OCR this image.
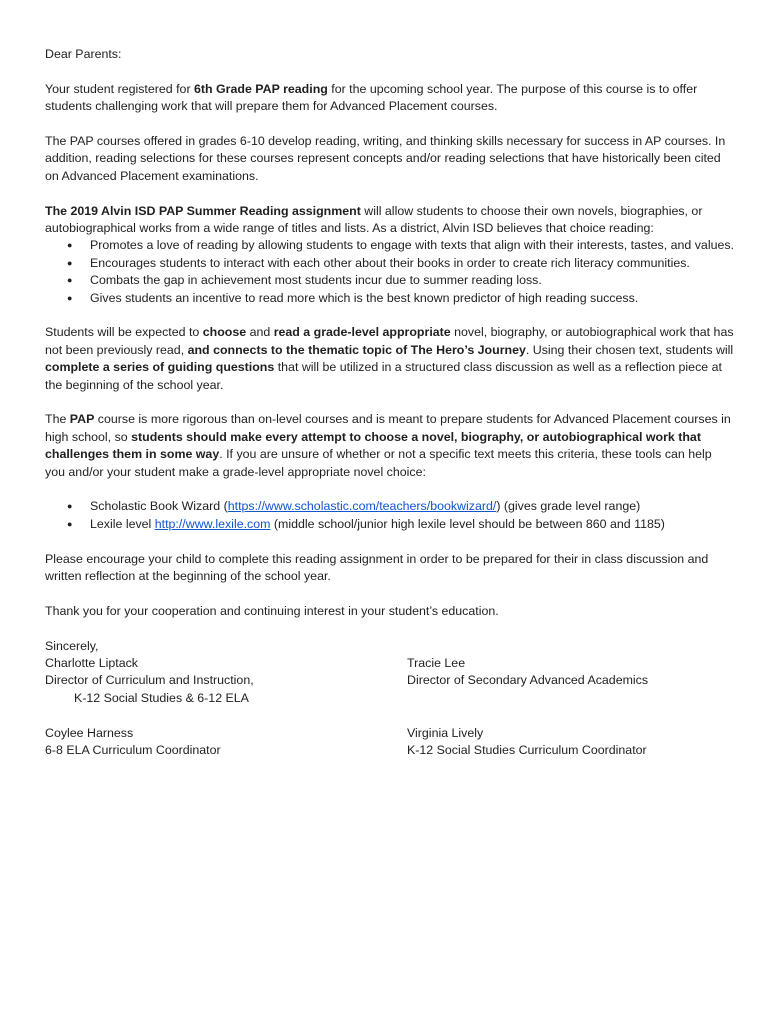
Dear Parents:

Your student registered for 6th Grade PAP reading for the upcoming school year. The purpose of this course is to offer students challenging work that will prepare them for Advanced Placement courses.

The PAP courses offered in grades 6-10 develop reading, writing, and thinking skills necessary for success in AP courses. In addition, reading selections for these courses represent concepts and/or reading selections that have historically been cited on Advanced Placement examinations.

The 2019 Alvin ISD PAP Summer Reading assignment will allow students to choose their own novels, biographies, or autobiographical works from a wide range of titles and lists. As a district, Alvin ISD believes that choice reading:

● Promotes a love of reading by allowing students to engage with texts that align with their interests, tastes, and values.
● Encourages students to interact with each other about their books in order to create rich literacy communities.
● Combats the gap in achievement most students incur due to summer reading loss.
● Gives students an incentive to read more which is the best known predictor of high reading success.

Students will be expected to choose and read a grade-level appropriate novel, biography, or autobiographical work that has not been previously read, and connects to the thematic topic of The Hero’s Journey. Using their chosen text, students will complete a series of guiding questions that will be utilized in a structured class discussion as well as a reflection piece at the beginning of the school year.

The PAP course is more rigorous than on-level courses and is meant to prepare students for Advanced Placement courses in high school, so students should make every attempt to choose a novel, biography, or autobiographical work that challenges them in some way. If you are unsure of whether or not a specific text meets this criteria, these tools can help you and/or your student make a grade-level appropriate novel choice:

● Scholastic Book Wizard (https://www.scholastic.com/teachers/bookwizard/) (gives grade level range)
● Lexile level http://www.lexile.com (middle school/junior high lexile level should be between 860 and 1185)

Please encourage your child to complete this reading assignment in order to be prepared for their in class discussion and written reflection at the beginning of the school year.

Thank you for your cooperation and continuing interest in your student’s education.

Sincerely,
Charlotte Liptack
Director of Curriculum and Instruction,
K-12 Social Studies & 6-12 ELA
Coylee Harness
6-8 ELA Curriculum Coordinator
Tracie Lee
Director of Secondary Advanced Academics
Virginia Lively
K-12 Social Studies Curriculum Coordinator
